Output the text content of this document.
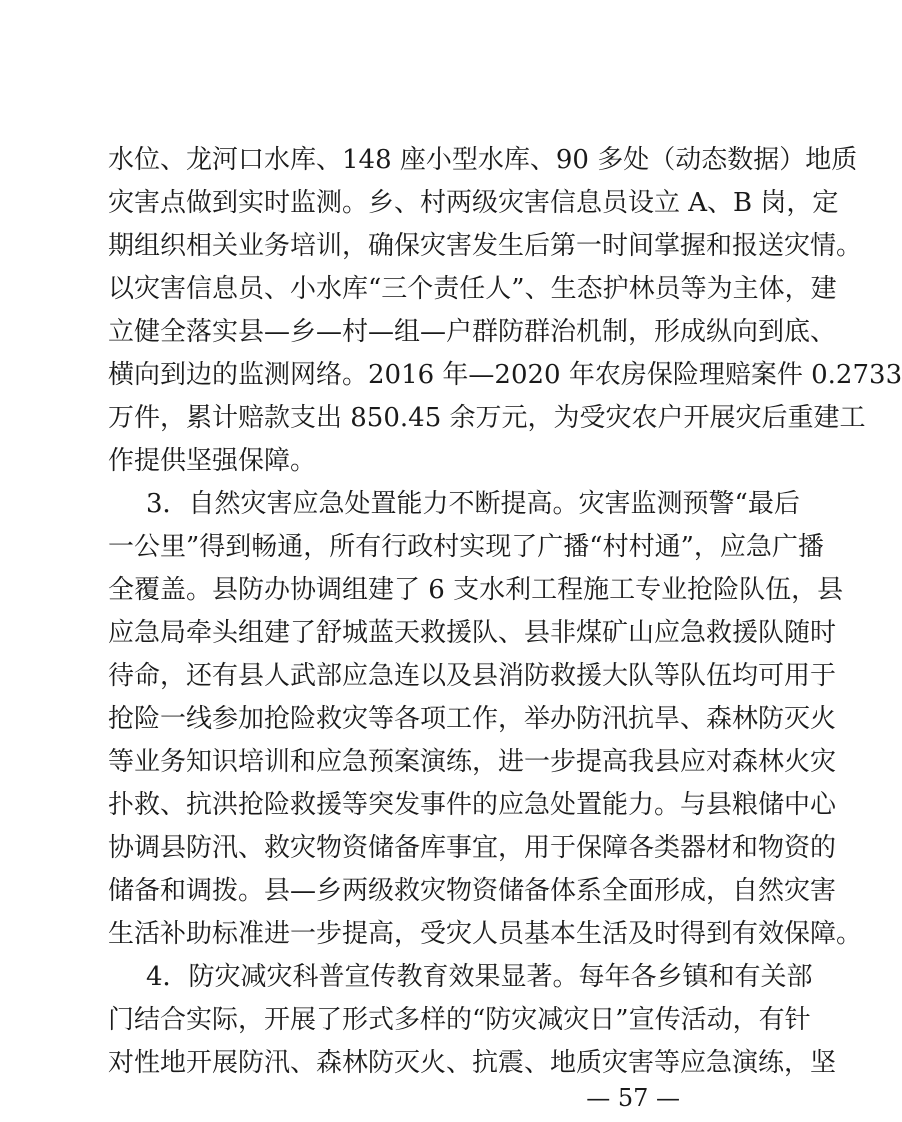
水位、龙河口水库、148 座小型水库、90 多处（动态数据）地质
灾害点做到实时监测。乡、村两级灾害信息员设立 A、B 岗，定
期组织相关业务培训，确保灾害发生后第一时间掌握和报送灾情。
以灾害信息员、小水库“三个责任人”、生态护林员等为主体，建
立健全落实县—乡—村—组—户群防群治机制，形成纵向到底、
横向到边的监测网络。2016 年—2020 年农房保险理赔案件 0.2733
万件，累计赔款支出 850.45 余万元，为受灾农户开展灾后重建工
作提供坚强保障。
3．自然灾害应急处置能力不断提高。灾害监测预警“最后
一公里”得到畅通，所有行政村实现了广播“村村通”，应急广播
全覆盖。县防办协调组建了 6 支水利工程施工专业抢险队伍，县
应急局牵头组建了舒城蓝天救援队、县非煤矿山应急救援队随时
待命，还有县人武部应急连以及县消防救援大队等队伍均可用于
抢险一线参加抢险救灾等各项工作，举办防汛抗旱、森林防灭火
等业务知识培训和应急预案演练，进一步提高我县应对森林火灾
扑救、抗洪抢险救援等突发事件的应急处置能力。与县粮储中心
协调县防汛、救灾物资储备库事宜，用于保障各类器材和物资的
储备和调拨。县—乡两级救灾物资储备体系全面形成，自然灾害
生活补助标准进一步提高，受灾人员基本生活及时得到有效保障。
4．防灾减灾科普宣传教育效果显著。每年各乡镇和有关部
门结合实际，开展了形式多样的“防灾减灾日”宣传活动，有针
对性地开展防汛、森林防灭火、抗震、地质灾害等应急演练，坚
— 57 —
